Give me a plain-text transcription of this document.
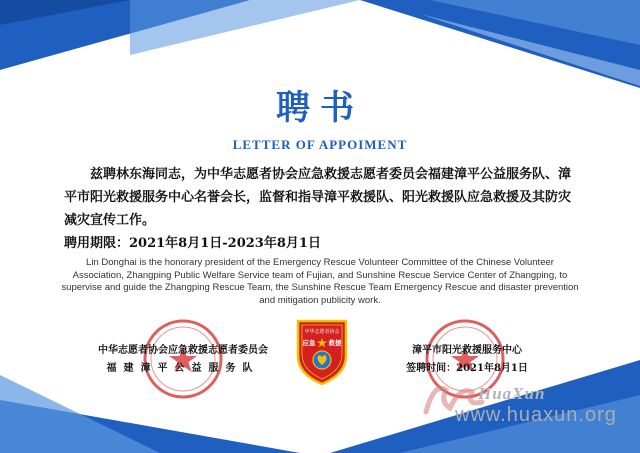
聘书
LETTER OF APPOIMENT

兹聘林东海同志，为中华志愿者协会应急救援志愿者委员会福建漳平公益服务队、漳平市阳光救援服务中心名誉会长，监督和指导漳平救援队、阳光救援队应急救援及其防灾减灾宣传工作。

聘用期限：2021年8月1日-2023年8月1日

Lin Donghai is the honorary president of the Emergency Rescue Volunteer Committee of the Chinese Volunteer Association, Zhangping Public Welfare Service team of Fujian, and Sunshine Rescue Service Center of Zhangping, to supervise and guide the Zhangping Rescue Team, the Sunshine Rescue Team Emergency Rescue and disaster prevention and mitigation publicity work.

中华志愿者协会应急救援志愿者委员会
福建漳平公益服务队
漳平市阳光救援服务中心
签聘时间：2021年8月1日
中华志愿者协会
应急 救援
HuaXun
www.huaxun.org
